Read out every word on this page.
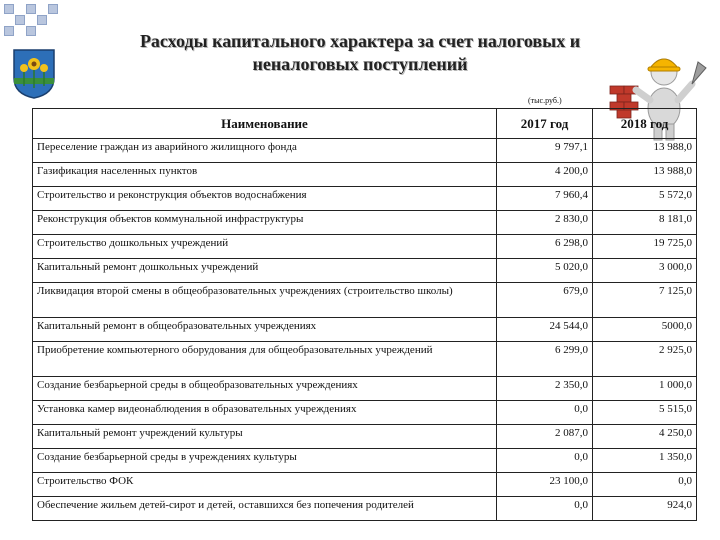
Расходы капитального характера за счет налоговых и
неналоговых поступлений
(тыс.руб.)
Наименование	2017 год	2018 год
Переселение граждан из аварийного жилищного фонда	9 797,1	13 988,0
Газификация населенных пунктов	4 200,0	13 988,0
Строительство и реконструкция объектов водоснабжения	7 960,4	5 572,0
Реконструкция объектов коммунальной инфраструктуры	2 830,0	8 181,0
Строительство дошкольных учреждений	6 298,0	19 725,0
Капитальный ремонт дошкольных учреждений	5 020,0	3 000,0
Ликвидация второй смены в общеобразовательных учреждениях (строительство школы)	679,0	7 125,0
Капитальный ремонт в общеобразовательных учреждениях	24 544,0	5000,0
Приобретение компьютерного оборудования для общеобразовательных учреждений	6 299,0	2 925,0
Создание безбарьерной среды в общеобразовательных учреждениях	2 350,0	1 000,0
Установка камер видеонаблюдения в образовательных учреждениях	0,0	5 515,0
Капитальный ремонт учреждений культуры	2 087,0	4 250,0
Создание безбарьерной среды в учреждениях культуры	0,0	1 350,0
Строительство ФОК	23 100,0	0,0
Обеспечение жильем детей-сирот и детей, оставшихся без попечения родителей	0,0	924,0
